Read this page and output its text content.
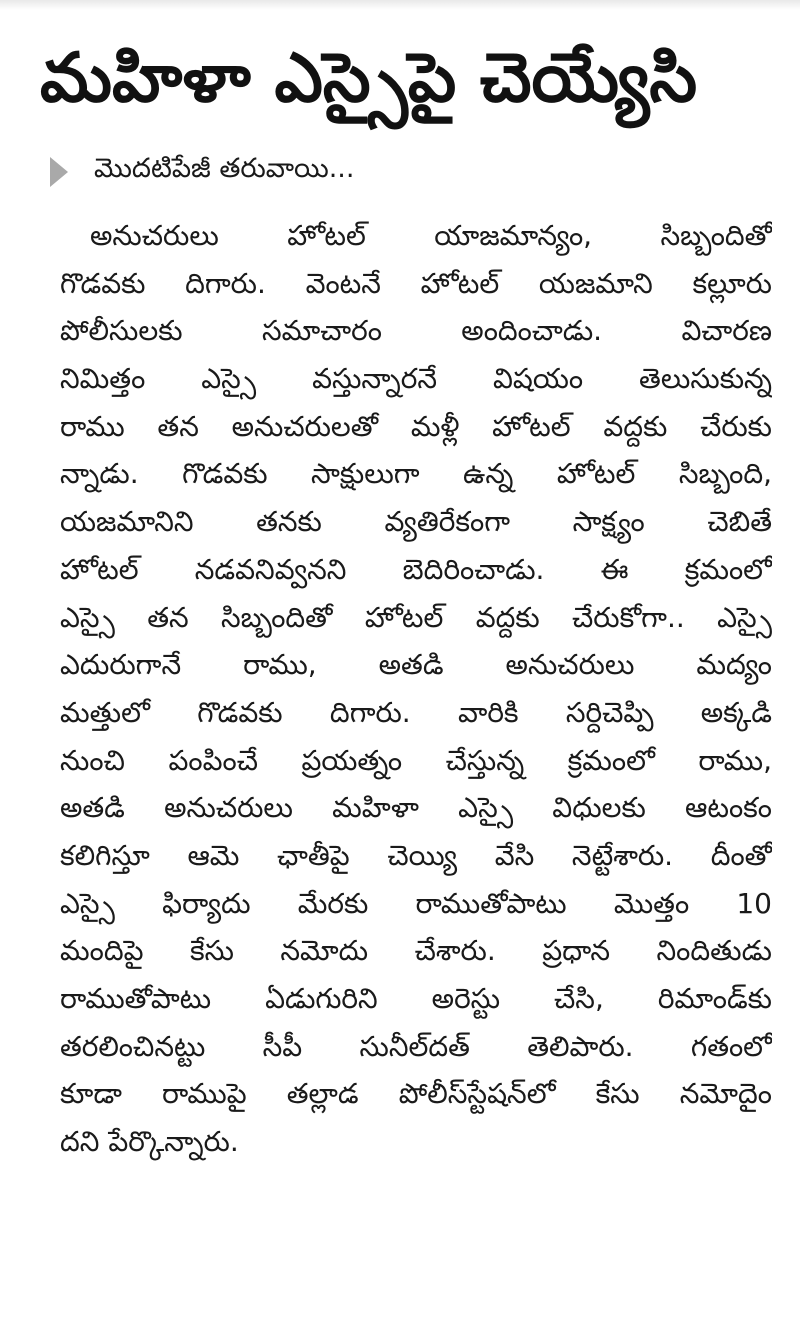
మహిళా ఎస్సైపై చెయ్యేసి
మొదటిపేజీ తరువాయి...
అనుచరులు హోటల్ యాజమాన్యం, సిబ్బందితో
గొడవకు దిగారు. వెంటనే హోటల్ యజమాని కల్లూరు
పోలీసులకు సమాచారం అందించాడు. విచారణ
నిమిత్తం ఎస్సై వస్తున్నారనే విషయం తెలుసుకున్న
రాము తన అనుచరులతో మళ్లీ హోటల్ వద్దకు చేరుకు
న్నాడు. గొడవకు సాక్షులుగా ఉన్న హోటల్ సిబ్బంది,
యజమానిని తనకు వ్యతిరేకంగా సాక్ష్యం చెబితే
హోటల్ నడవనివ్వనని బెదిరించాడు. ఈ క్రమంలో
ఎస్సై తన సిబ్బందితో హోటల్ వద్దకు చేరుకోగా.. ఎస్సై
ఎదురుగానే రాము, అతడి అనుచరులు మద్యం
మత్తులో గొడవకు దిగారు. వారికి సర్దిచెప్పి అక్కడి
నుంచి పంపించే ప్రయత్నం చేస్తున్న క్రమంలో రాము,
అతడి అనుచరులు మహిళా ఎస్సై విధులకు ఆటంకం
కలిగిస్తూ ఆమె ఛాతీపై చెయ్యి వేసి నెట్టేశారు. దీంతో
ఎస్సై ఫిర్యాదు మేరకు రాముతోపాటు మొత్తం 10
మందిపై కేసు నమోదు చేశారు. ప్రధాన నిందితుడు
రాముతోపాటు ఏడుగురిని అరెస్టు చేసి, రిమాండ్‌కు
తరలించినట్టు సీపీ సునీల్‌దత్ తెలిపారు. గతంలో
కూడా రాముపై తల్లాడ పోలీస్‌స్టేషన్‌లో కేసు నమోదైం
దని పేర్కొన్నారు.
